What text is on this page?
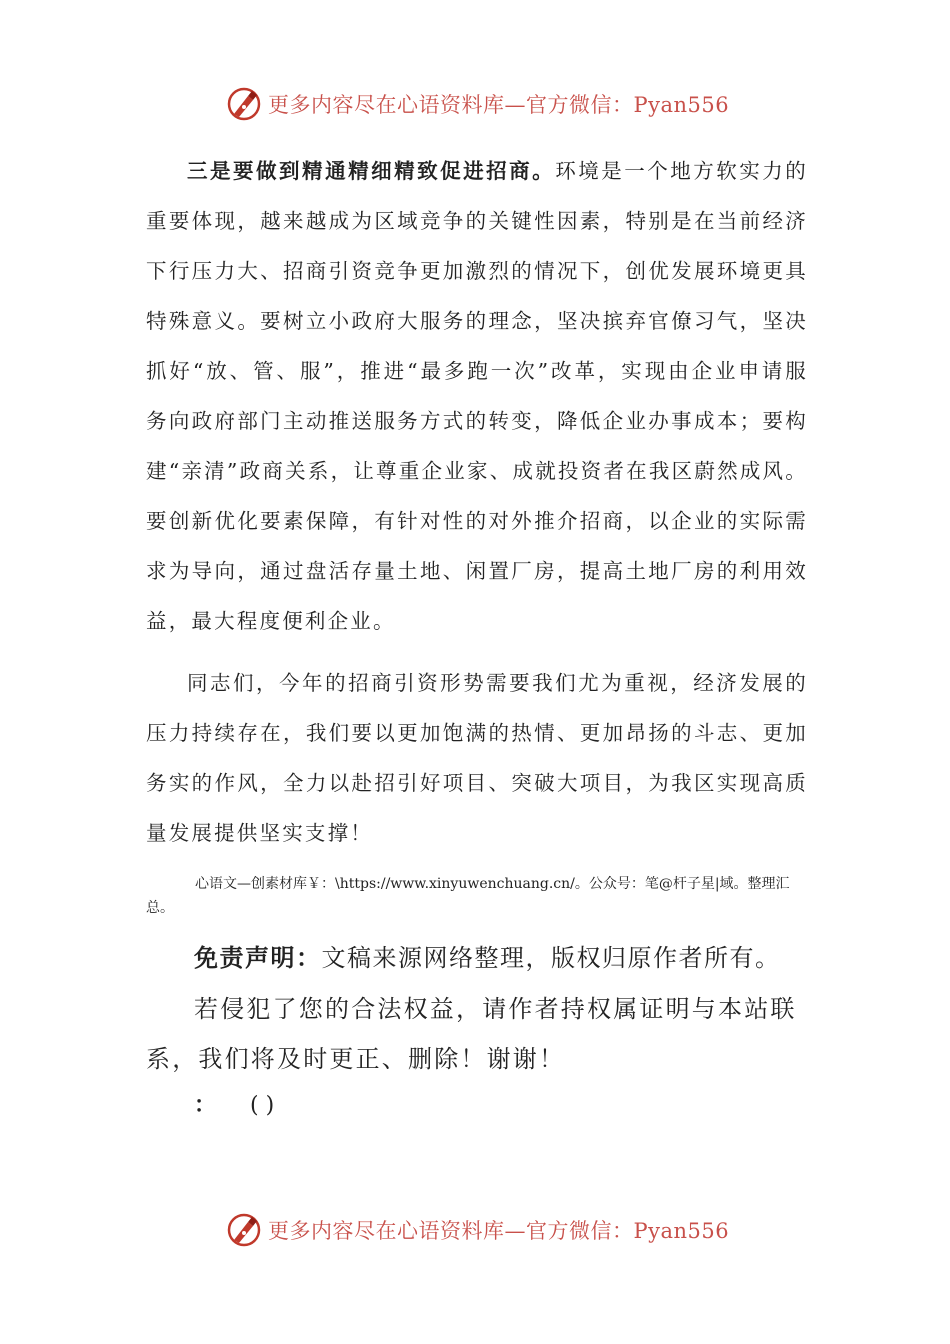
更多内容尽在心语资料库—官方微信：Pyan556

三是要做到精通精细精致促进招商。环境是一个地方软实力的重要体现，越来越成为区域竞争的关键性因素，特别是在当前经济下行压力大、招商引资竞争更加激烈的情况下，创优发展环境更具特殊意义。要树立小政府大服务的理念，坚决摈弃官僚习气，坚决抓好“放、管、服”，推进“最多跑一次”改革，实现由企业申请服务向政府部门主动推送服务方式的转变，降低企业办事成本；要构建“亲清”政商关系，让尊重企业家、成就投资者在我区蔚然成风。要创新优化要素保障，有针对性的对外推介招商，以企业的实际需求为导向，通过盘活存量土地、闲置厂房，提高土地厂房的利用效益，最大程度便利企业。

同志们，今年的招商引资形势需要我们尤为重视，经济发展的压力持续存在，我们要以更加饱满的热情、更加昂扬的斗志、更加务实的作风，全力以赴招引好项目、突破大项目，为我区实现高质量发展提供坚实支撑！

心语文—创素材库￥：\https://www.xinyuwenchuang.cn/。公众号：笔@杆子星|域。整理汇总。
免责声明：文稿来源网络整理，版权归原作者所有。
若侵犯了您的合法权益，请作者持权属证明与本站联系，我们将及时更正、删除！谢谢！
： ( )
更多内容尽在心语资料库—官方微信：Pyan556
